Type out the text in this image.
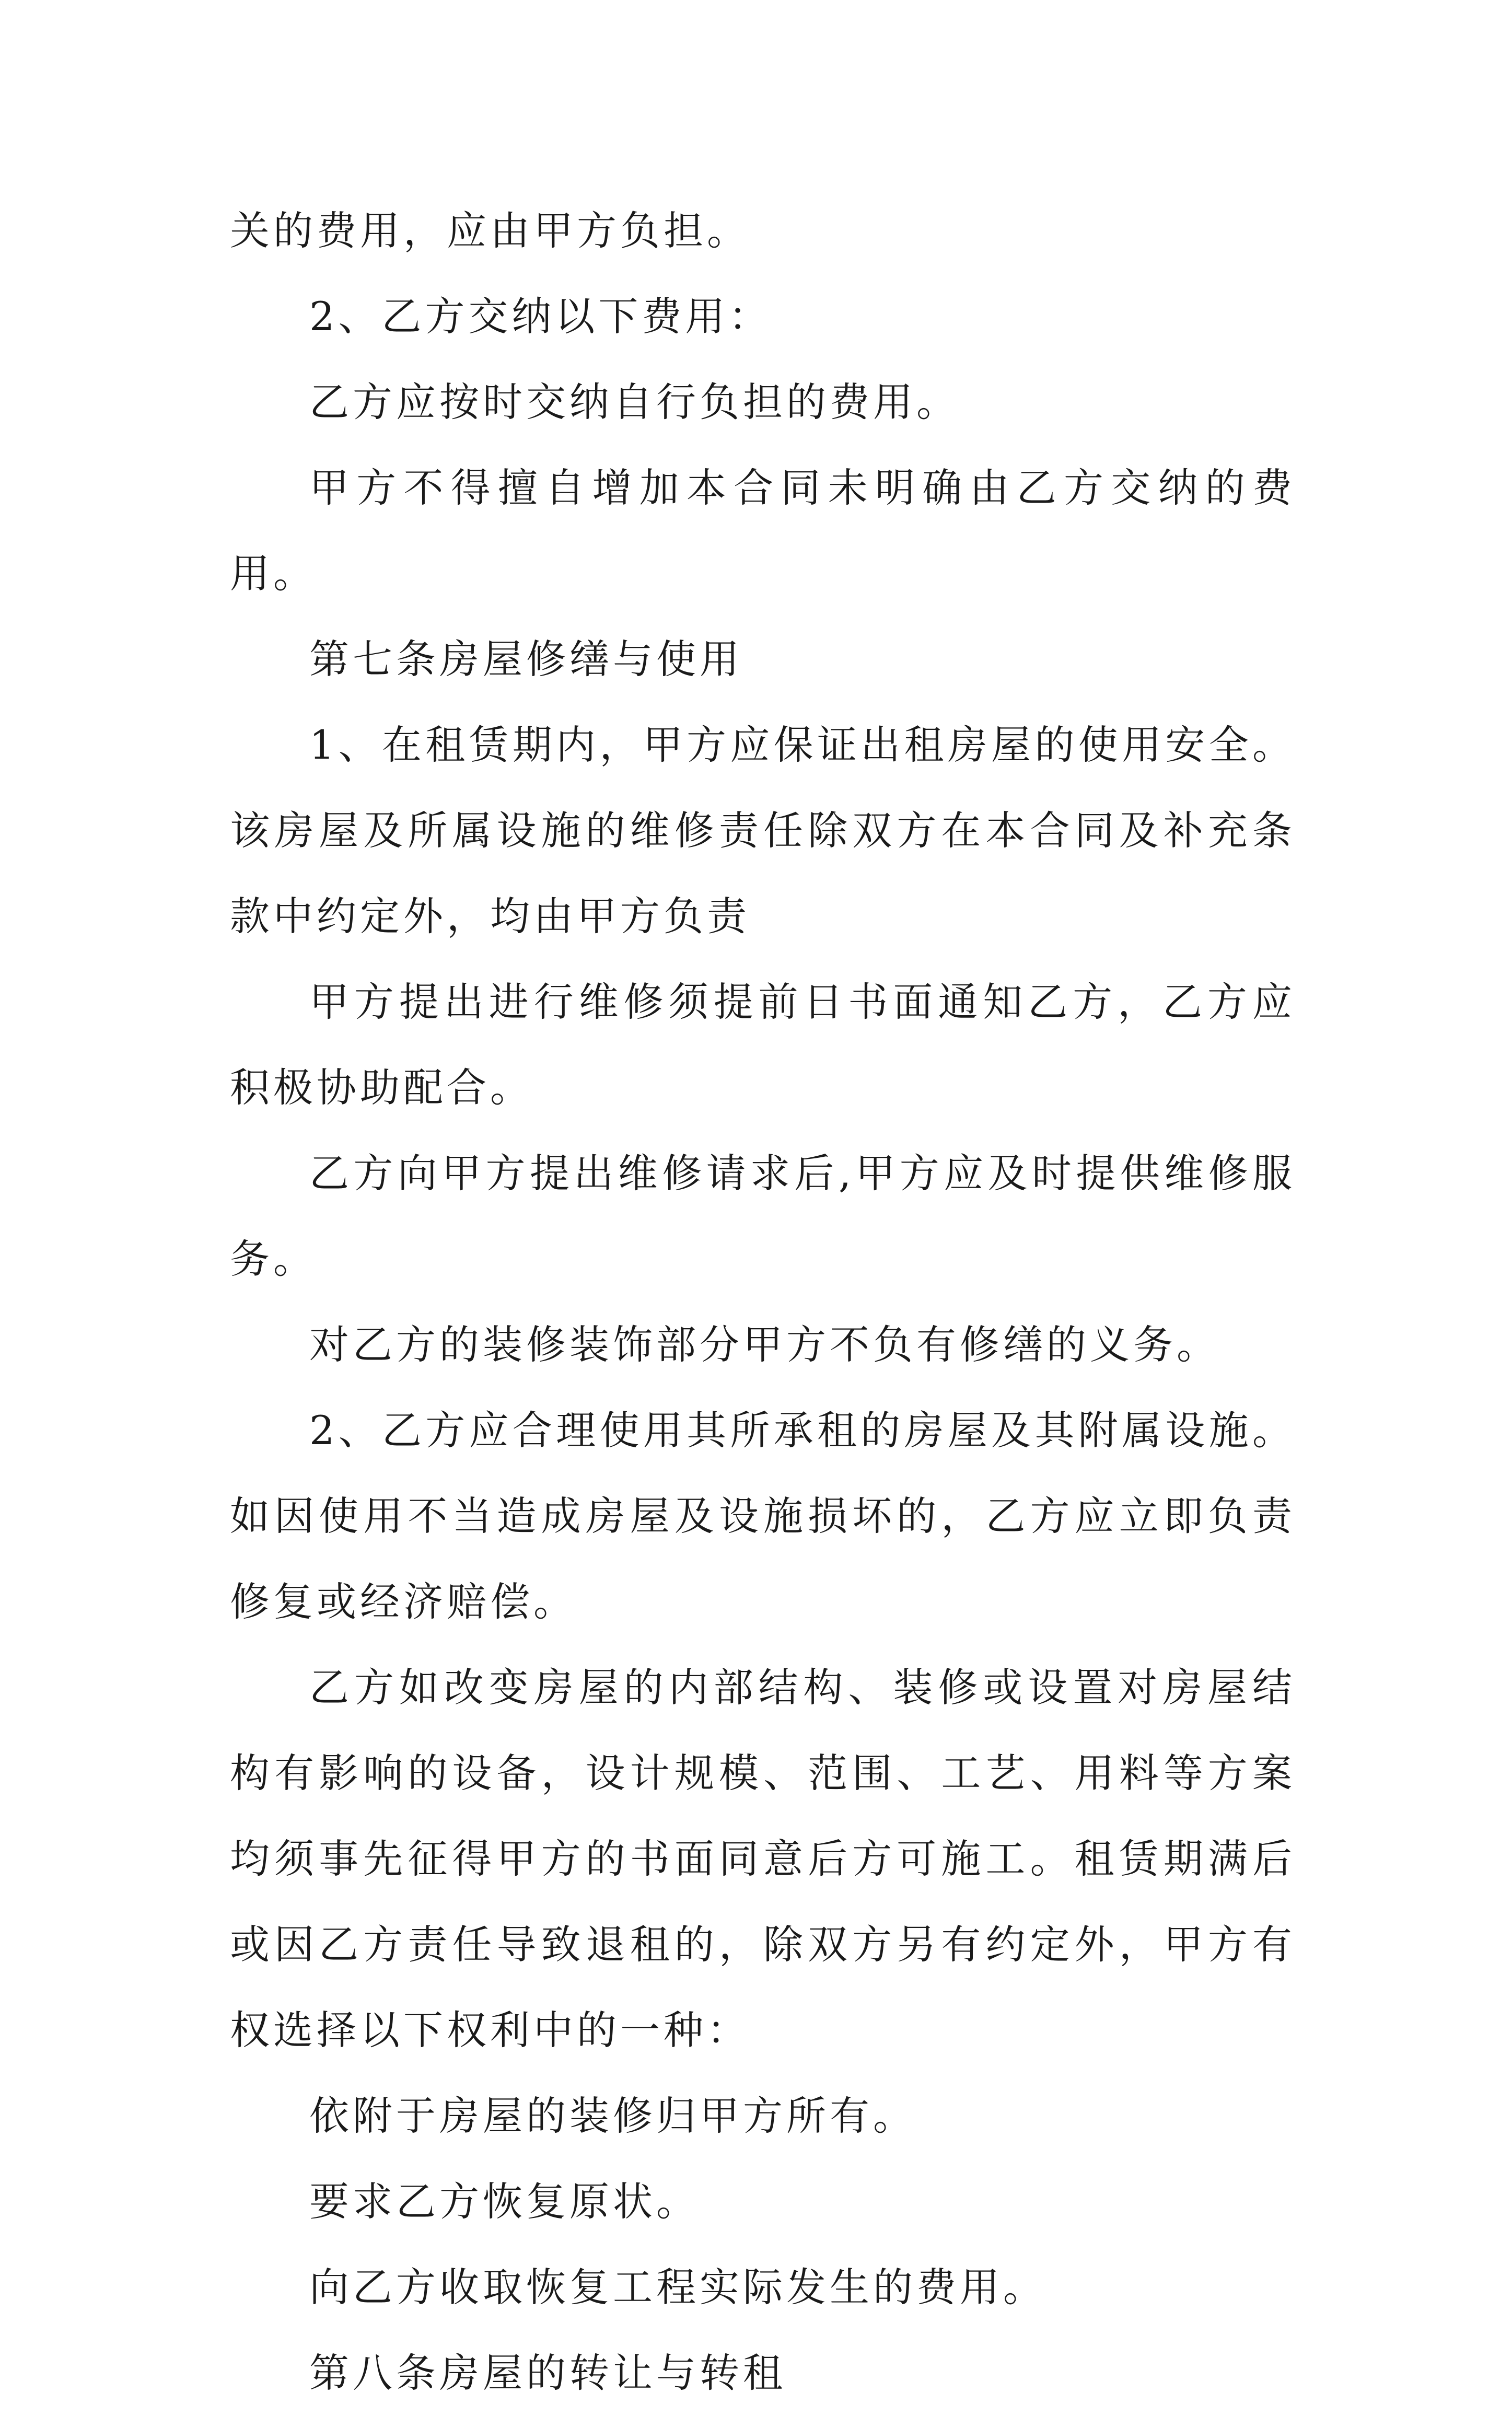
关的费用，应由甲方负担。

2、乙方交纳以下费用：

乙方应按时交纳自行负担的费用。

甲方不得擅自增加本合同未明确由乙方交纳的费用。

第七条房屋修缮与使用

1、在租赁期内，甲方应保证出租房屋的使用安全。该房屋及所属设施的维修责任除双方在本合同及补充条款中约定外，均由甲方负责

甲方提出进行维修须提前日书面通知乙方，乙方应积极协助配合。

乙方向甲方提出维修请求后,甲方应及时提供维修服务。

对乙方的装修装饰部分甲方不负有修缮的义务。

2、乙方应合理使用其所承租的房屋及其附属设施。如因使用不当造成房屋及设施损坏的，乙方应立即负责修复或经济赔偿。

乙方如改变房屋的内部结构、装修或设置对房屋结构有影响的设备，设计规模、范围、工艺、用料等方案均须事先征得甲方的书面同意后方可施工。租赁期满后或因乙方责任导致退租的，除双方另有约定外，甲方有权选择以下权利中的一种：

依附于房屋的装修归甲方所有。

要求乙方恢复原状。

向乙方收取恢复工程实际发生的费用。

第八条房屋的转让与转租
